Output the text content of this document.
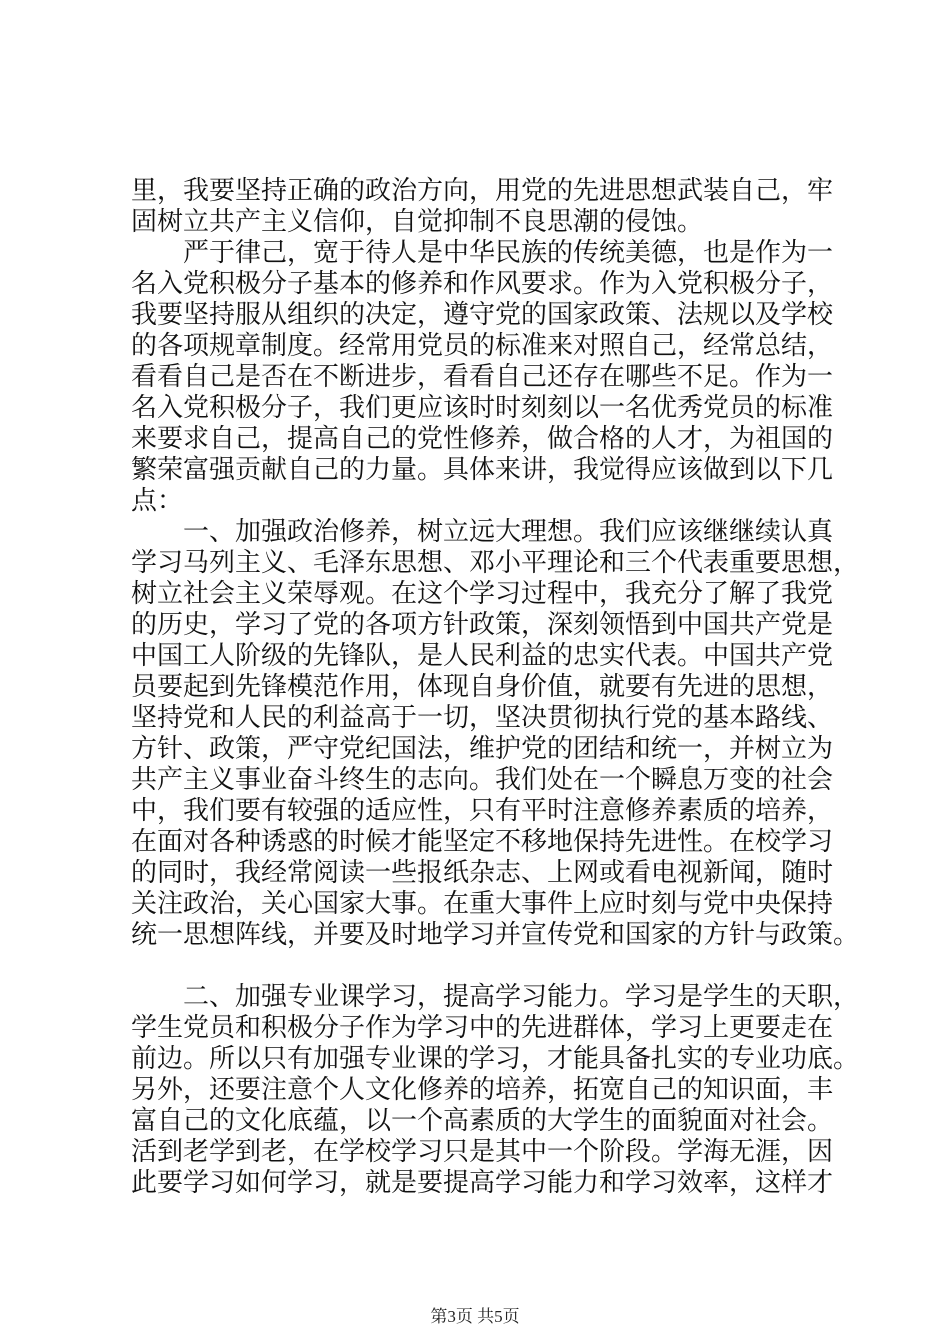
里，我要坚持正确的政治方向，用党的先进思想武装自己，牢
固树立共产主义信仰，自觉抑制不良思潮的侵蚀。
　　严于律己，宽于待人是中华民族的传统美德，也是作为一
名入党积极分子基本的修养和作风要求。作为入党积极分子，
我要坚持服从组织的决定，遵守党的国家政策、法规以及学校
的各项规章制度。经常用党员的标准来对照自己，经常总结，
看看自己是否在不断进步，看看自己还存在哪些不足。作为一
名入党积极分子，我们更应该时时刻刻以一名优秀党员的标准
来要求自己，提高自己的党性修养，做合格的人才，为祖国的
繁荣富强贡献自己的力量。具体来讲，我觉得应该做到以下几
点：
　　一、加强政治修养，树立远大理想。我们应该继继续认真
学习马列主义、毛泽东思想、邓小平理论和三个代表重要思想，
树立社会主义荣辱观。在这个学习过程中，我充分了解了我党
的历史，学习了党的各项方针政策，深刻领悟到中国共产党是
中国工人阶级的先锋队，是人民利益的忠实代表。中国共产党
员要起到先锋模范作用，体现自身价值，就要有先进的思想，
坚持党和人民的利益高于一切，坚决贯彻执行党的基本路线、
方针、政策，严守党纪国法，维护党的团结和统一，并树立为
共产主义事业奋斗终生的志向。我们处在一个瞬息万变的社会
中，我们要有较强的适应性，只有平时注意修养素质的培养，
在面对各种诱惑的时候才能坚定不移地保持先进性。在校学习
的同时，我经常阅读一些报纸杂志、上网或看电视新闻，随时
关注政治，关心国家大事。在重大事件上应时刻与党中央保持
统一思想阵线，并要及时地学习并宣传党和国家的方针与政策。
　　二、加强专业课学习，提高学习能力。学习是学生的天职，
学生党员和积极分子作为学习中的先进群体，学习上更要走在
前边。所以只有加强专业课的学习，才能具备扎实的专业功底。
另外，还要注意个人文化修养的培养，拓宽自己的知识面，丰
富自己的文化底蕴，以一个高素质的大学生的面貌面对社会。
活到老学到老，在学校学习只是其中一个阶段。学海无涯，因
此要学习如何学习，就是要提高学习能力和学习效率，这样才
第3页 共5页
